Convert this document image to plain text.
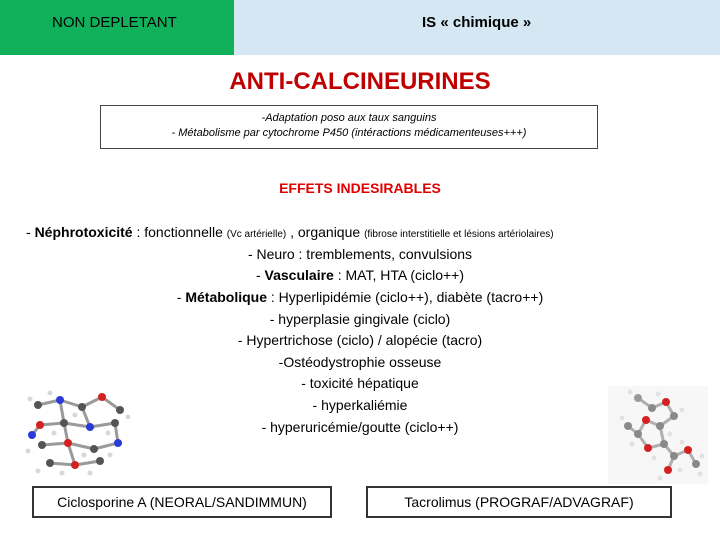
NON DEPLETANT	IS « chimique »
ANTI-CALCINEURINES
-Adaptation poso aux taux sanguins
- Métabolisme par cytochrome P450 (intéractions médicamenteuses+++)
EFFETS INDESIRABLES
- Néphrotoxicité : fonctionnelle (Vc artérielle) , organique (fibrose interstitielle et lésions artériolaires)
- Neuro : tremblements, convulsions
- Vasculaire : MAT, HTA (ciclo++)
- Métabolique : Hyperlipidémie (ciclo++), diabète (tacro++)
- hyperplasie gingivale (ciclo)
- Hypertrichose (ciclo) / alopécie (tacro)
-Ostéodystrophie osseuse
- toxicité hépatique
- hyperkaliémie
- hyperuricémie/goutte (ciclo++)
Ciclosporine A (NEORAL/SANDIMMUN)	Tacrolimus (PROGRAF/ADVAGRAF)
